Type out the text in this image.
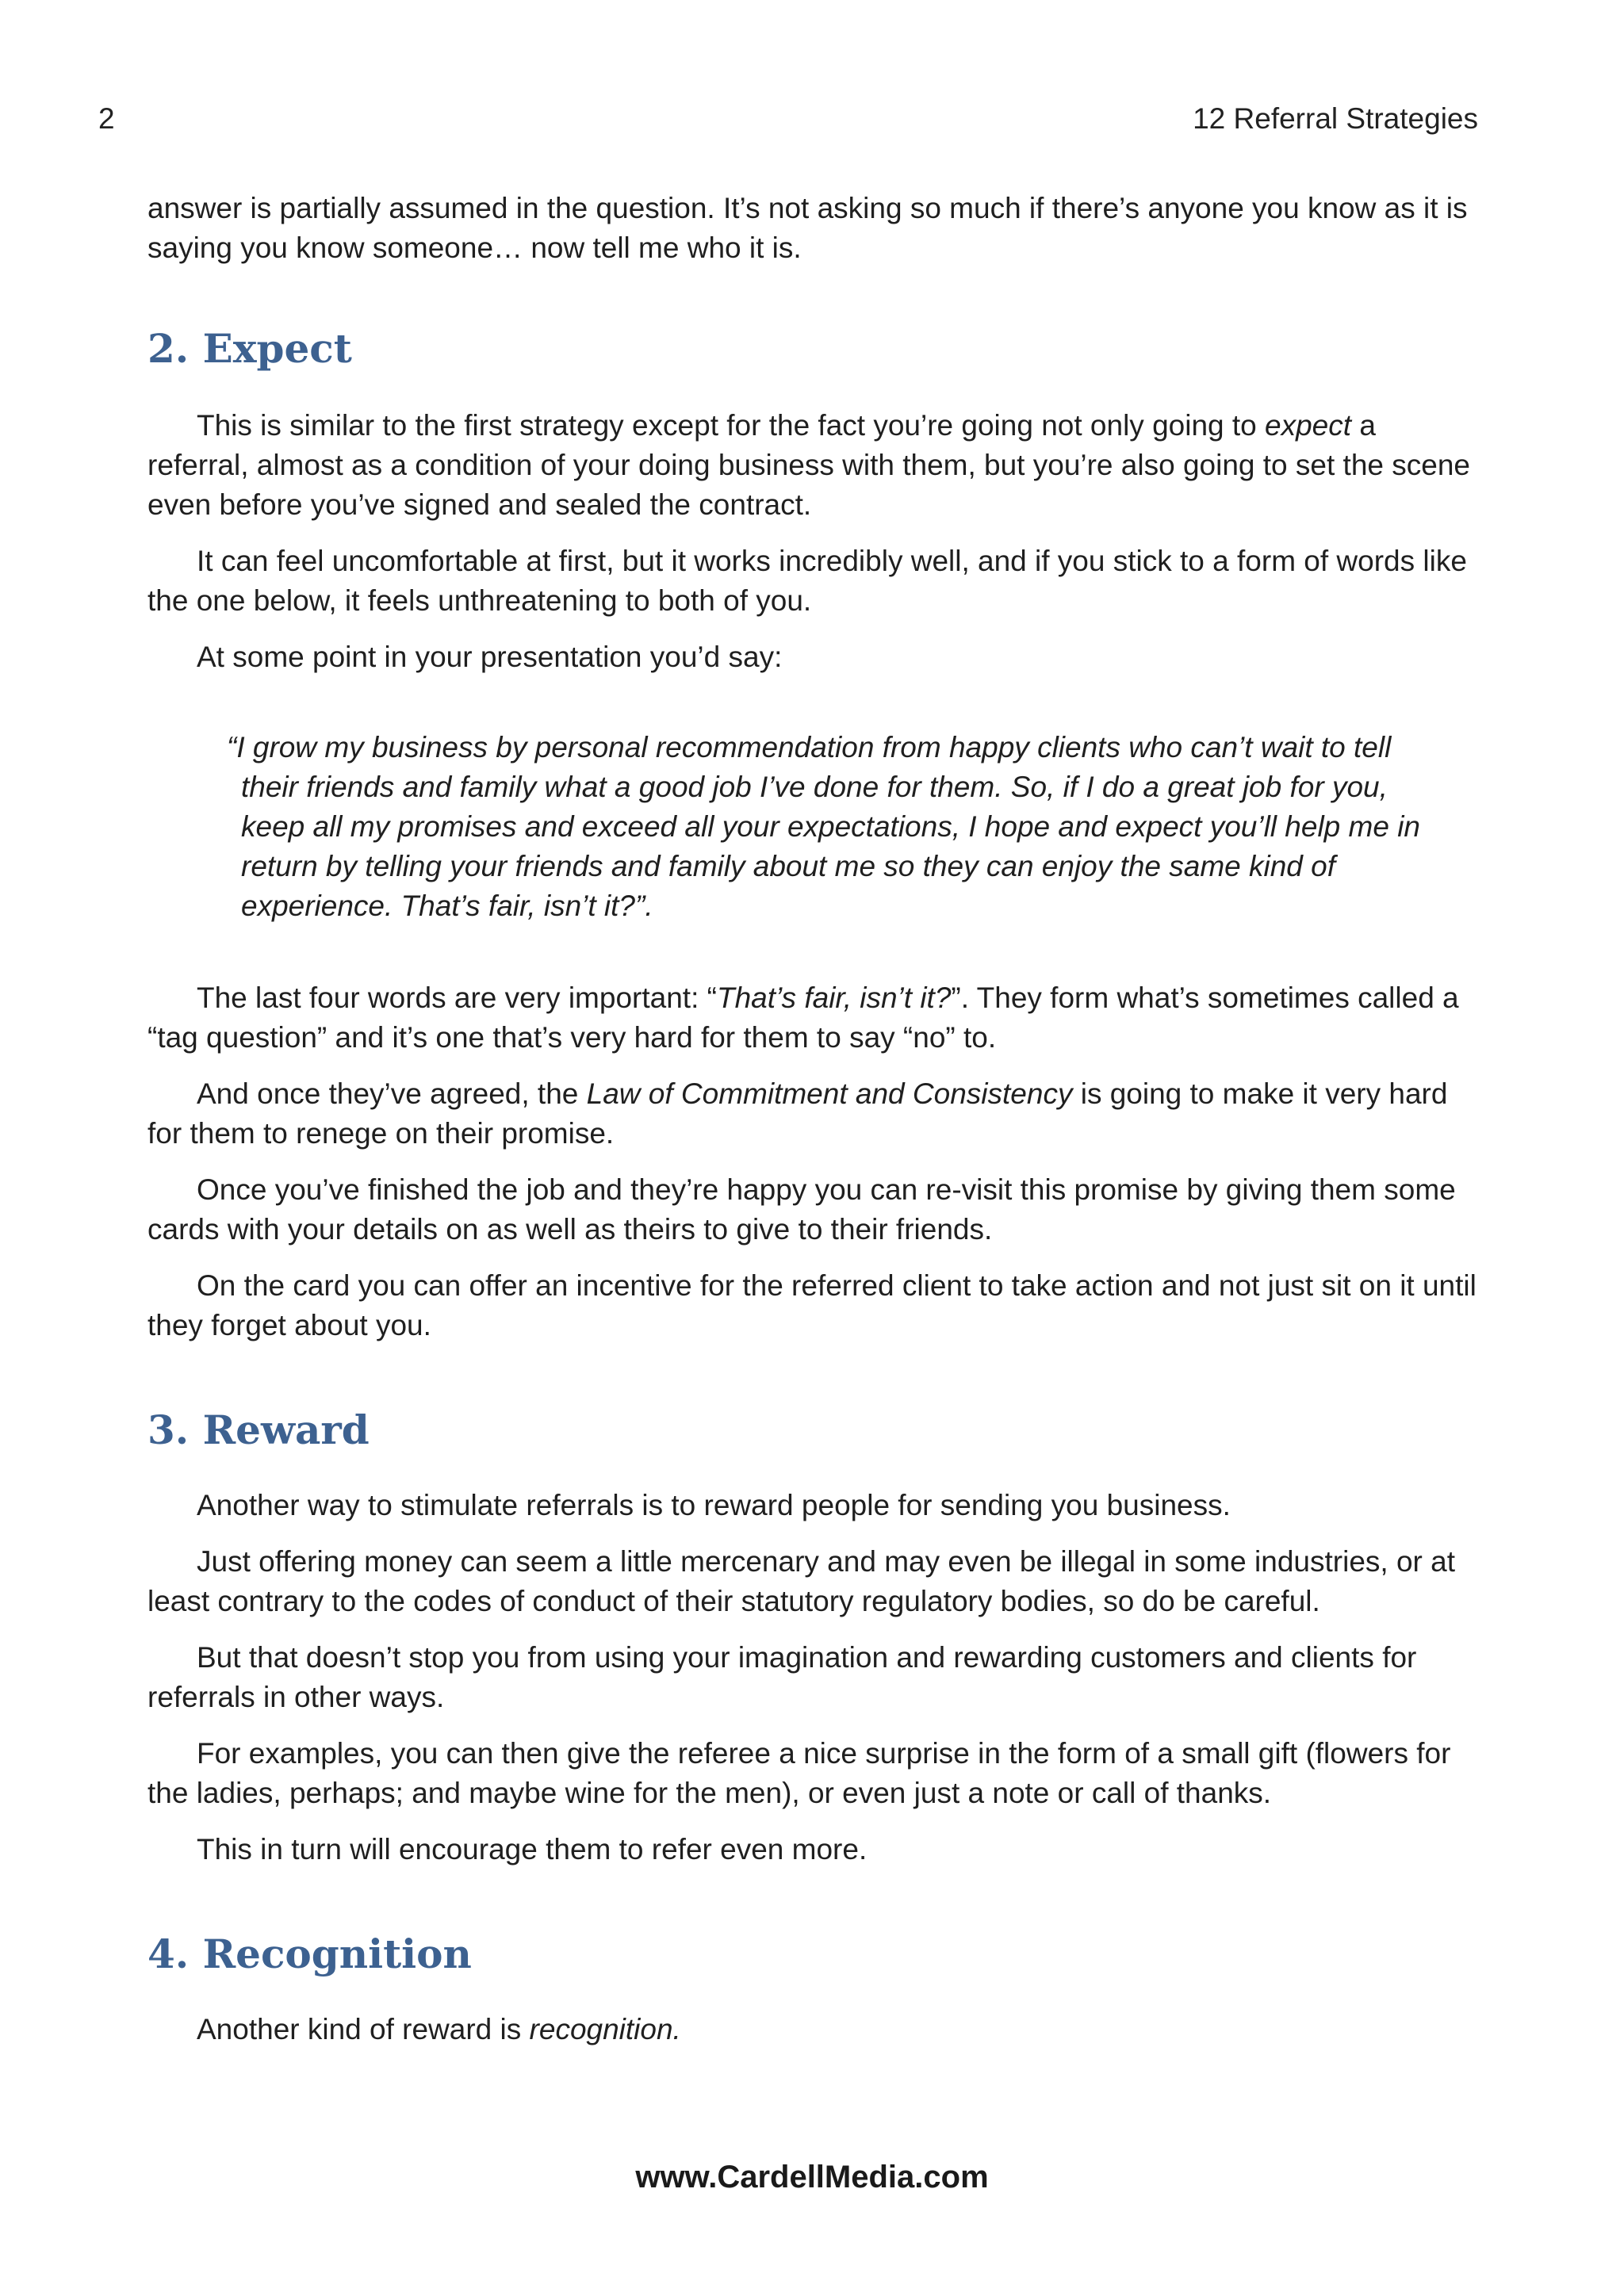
2	12 Referral Strategies

answer is partially assumed in the question. It’s not asking so much if there’s anyone you know as it is saying you know someone… now tell me who it is.

2. Expect

This is similar to the first strategy except for the fact you’re going not only going to expect a referral, almost as a condition of your doing business with them, but you’re also going to set the scene even before you’ve signed and sealed the contract.

It can feel uncomfortable at first, but it works incredibly well, and if you stick to a form of words like the one below, it feels unthreatening to both of you.

At some point in your presentation you’d say:

“I grow my business by personal recommendation from happy clients who can’t wait to tell their friends and family what a good job I’ve done for them. So, if I do a great job for you, keep all my promises and exceed all your expectations, I hope and expect you’ll help me in return by telling your friends and family about me so they can enjoy the same kind of experience. That’s fair, isn’t it?”.

The last four words are very important: “That’s fair, isn’t it?”. They form what’s sometimes called a “tag question” and it’s one that’s very hard for them to say “no” to.

And once they’ve agreed, the Law of Commitment and Consistency is going to make it very hard for them to renege on their promise.

Once you’ve finished the job and they’re happy you can re-visit this promise by giving them some cards with your details on as well as theirs to give to their friends.

On the card you can offer an incentive for the referred client to take action and not just sit on it until they forget about you.

3. Reward

Another way to stimulate referrals is to reward people for sending you business.

Just offering money can seem a little mercenary and may even be illegal in some industries, or at least contrary to the codes of conduct of their statutory regulatory bodies, so do be careful.

But that doesn’t stop you from using your imagination and rewarding customers and clients for referrals in other ways.

For examples, you can then give the referee a nice surprise in the form of a small gift (flowers for the ladies, perhaps; and maybe wine for the men), or even just a note or call of thanks.

This in turn will encourage them to refer even more.

4. Recognition

Another kind of reward is recognition.

www.CardellMedia.com
